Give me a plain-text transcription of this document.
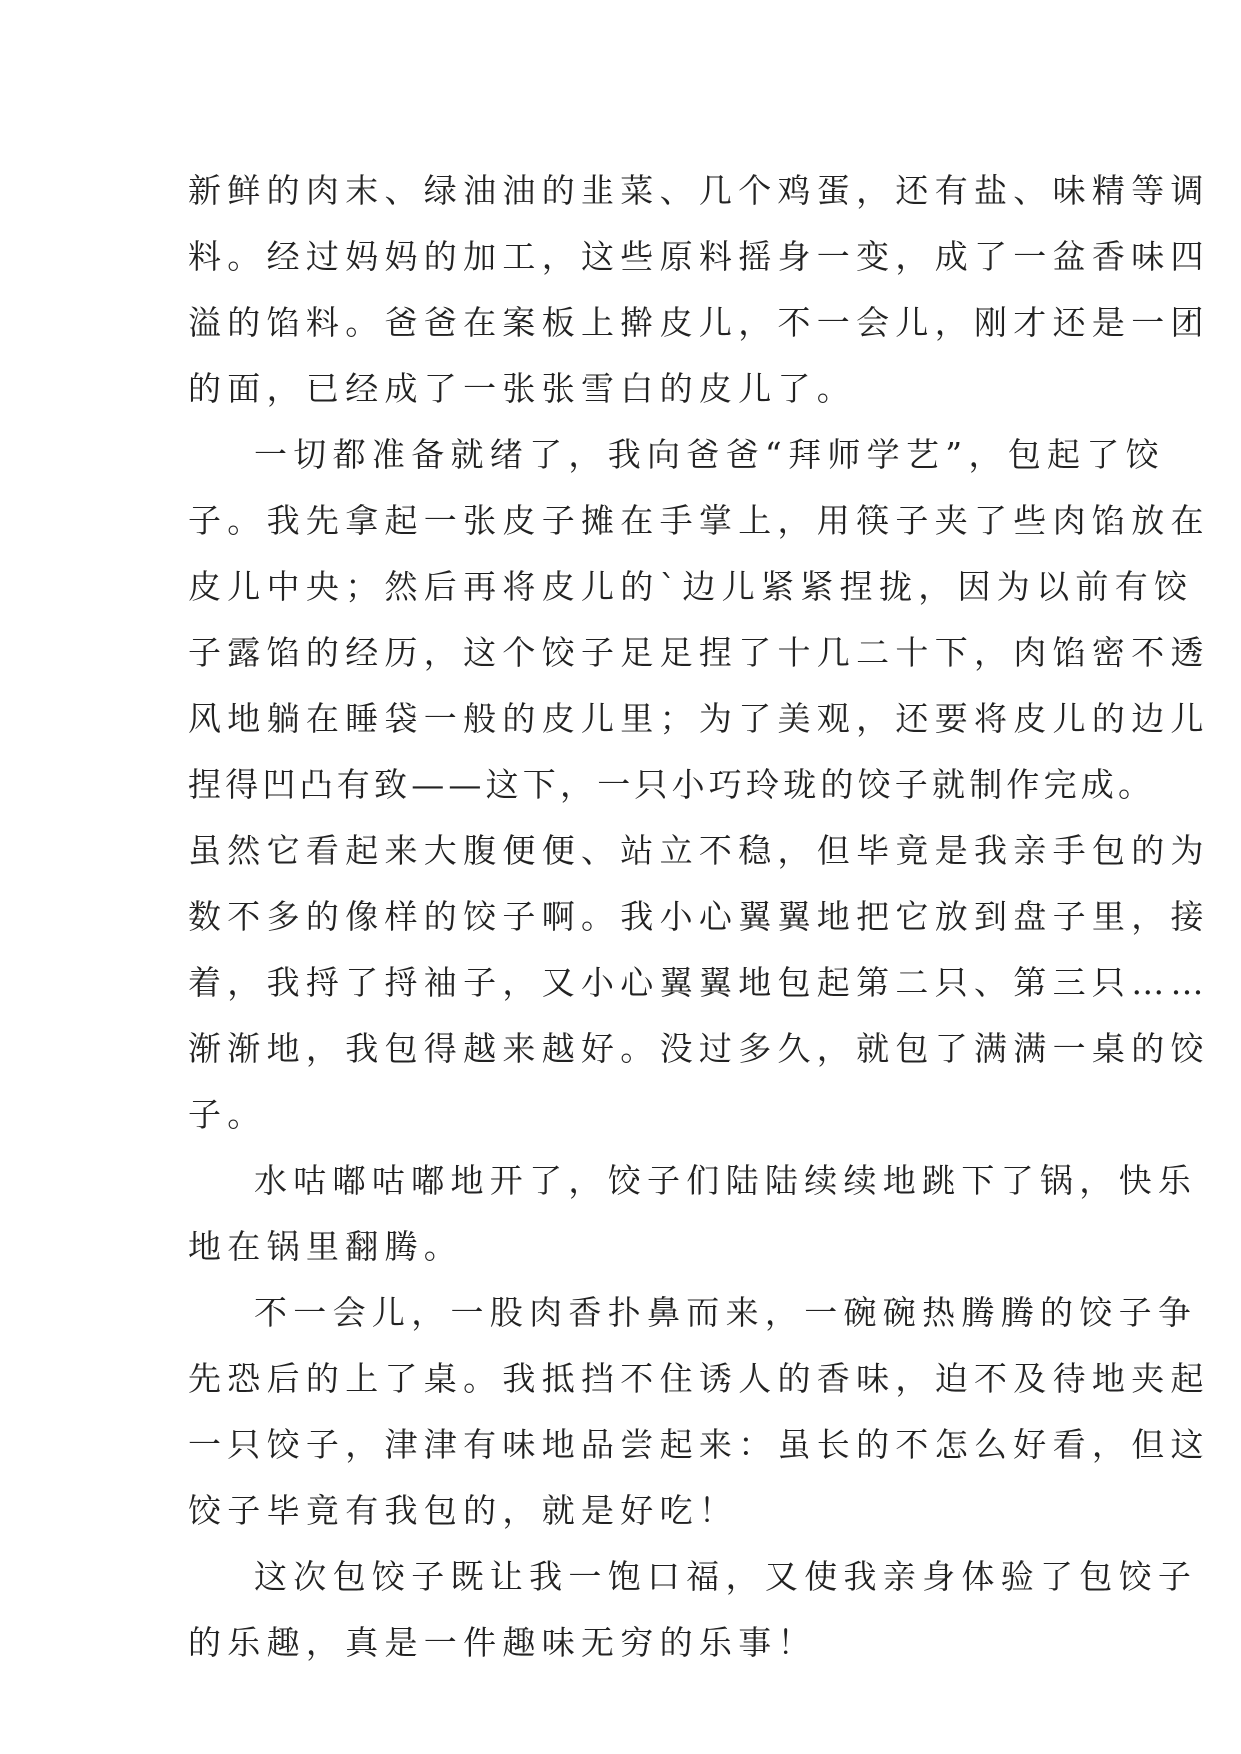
新鲜的肉末、绿油油的韭菜、几个鸡蛋，还有盐、味精等调
料。经过妈妈的加工，这些原料摇身一变，成了一盆香味四
溢的馅料。爸爸在案板上擀皮儿，不一会儿，刚才还是一团
的面，已经成了一张张雪白的皮儿了。
一切都准备就绪了，我向爸爸“拜师学艺”，包起了饺
子。我先拿起一张皮子摊在手掌上，用筷子夹了些肉馅放在
皮儿中央；然后再将皮儿的`边儿紧紧捏拢，因为以前有饺
子露馅的经历，这个饺子足足捏了十几二十下，肉馅密不透
风地躺在睡袋一般的皮儿里；为了美观，还要将皮儿的边儿
捏得凹凸有致——这下，一只小巧玲珑的饺子就制作完成。
虽然它看起来大腹便便、站立不稳，但毕竟是我亲手包的为
数不多的像样的饺子啊。我小心翼翼地把它放到盘子里，接
着，我捋了捋袖子，又小心翼翼地包起第二只、第三只……
渐渐地，我包得越来越好。没过多久，就包了满满一桌的饺
子。
水咕嘟咕嘟地开了，饺子们陆陆续续地跳下了锅，快乐
地在锅里翻腾。
不一会儿，一股肉香扑鼻而来，一碗碗热腾腾的饺子争
先恐后的上了桌。我抵挡不住诱人的香味，迫不及待地夹起
一只饺子，津津有味地品尝起来：虽长的不怎么好看，但这
饺子毕竟有我包的，就是好吃！
这次包饺子既让我一饱口福，又使我亲身体验了包饺子
的乐趣，真是一件趣味无穷的乐事！
